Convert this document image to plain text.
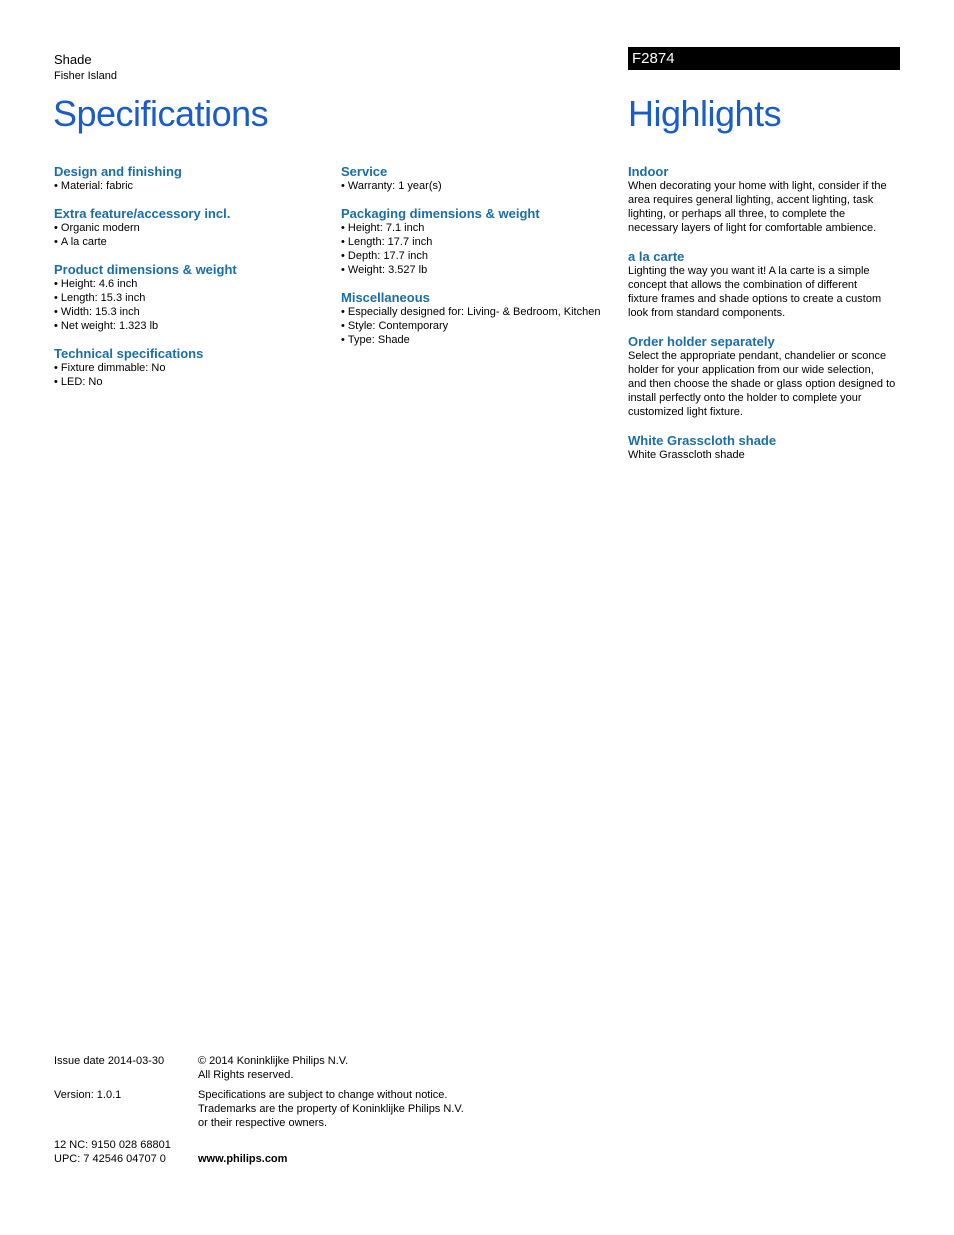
Shade
Fisher Island
F2874
Specifications	Highlights
Design and finishing
• Material: fabric
Extra feature/accessory incl.
• Organic modern
• A la carte
Product dimensions & weight
• Height: 4.6 inch
• Length: 15.3 inch
• Width: 15.3 inch
• Net weight: 1.323 lb
Technical specifications
• Fixture dimmable: No
• LED: No
Service
• Warranty: 1 year(s)
Packaging dimensions & weight
• Height: 7.1 inch
• Length: 17.7 inch
• Depth: 17.7 inch
• Weight: 3.527 lb
Miscellaneous
• Especially designed for: Living- & Bedroom, Kitchen
• Style: Contemporary
• Type: Shade
Indoor
When decorating your home with light, consider if the
area requires general lighting, accent lighting, task
lighting, or perhaps all three, to complete the
necessary layers of light for comfortable ambience.
a la carte
Lighting the way you want it! A la carte is a simple
concept that allows the combination of different
fixture frames and shade options to create a custom
look from standard components.
Order holder separately
Select the appropriate pendant, chandelier or sconce
holder for your application from our wide selection,
and then choose the shade or glass option designed to
install perfectly onto the holder to complete your
customized light fixture.
White Grasscloth shade
White Grasscloth shade
Issue date 2014-03-30	© 2014 Koninklijke Philips N.V.
All Rights reserved.
Version: 1.0.1	Specifications are subject to change without notice.
Trademarks are the property of Koninklijke Philips N.V.
or their respective owners.
12 NC: 9150 028 68801
UPC: 7 42546 04707 0	www.philips.com
